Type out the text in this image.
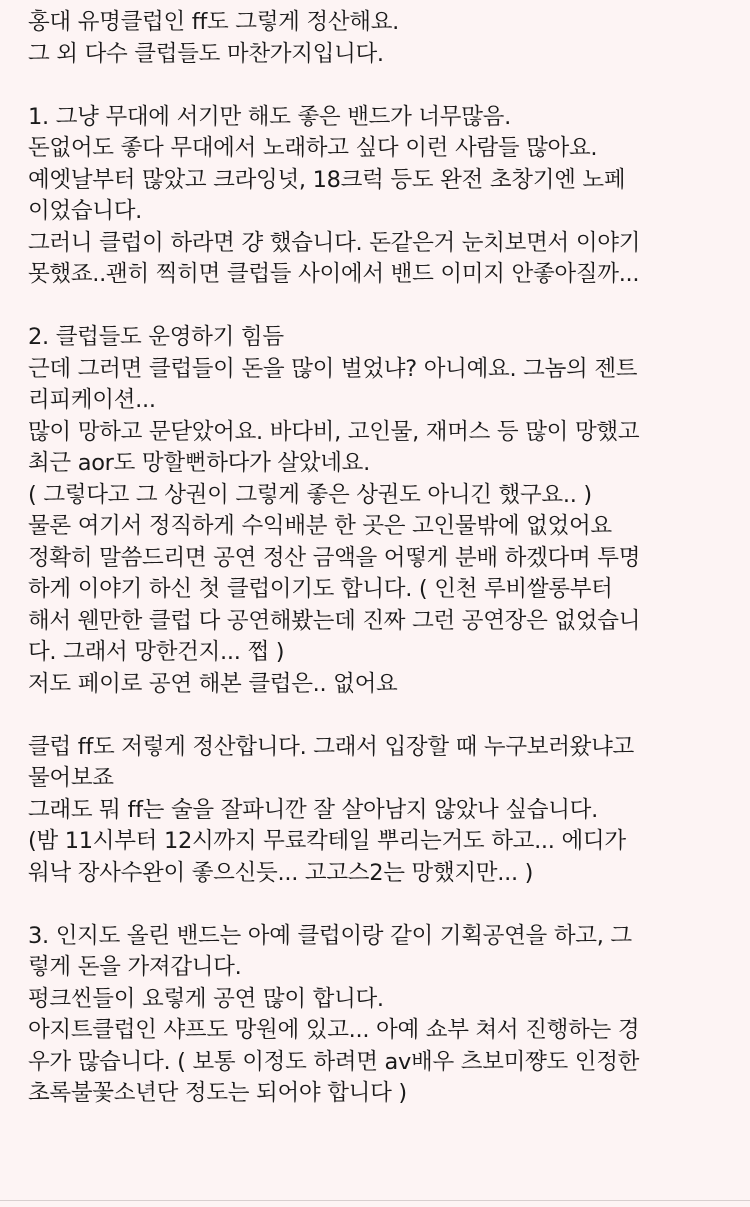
홍대 유명클럽인 ff도 그렇게 정산해요.
그 외 다수 클럽들도 마찬가지입니다.
1. 그냥 무대에 서기만 해도 좋은 밴드가 너무많음.
돈없어도 좋다 무대에서 노래하고 싶다 이런 사람들 많아요.
예엣날부터 많았고 크라잉넛, 18크럭 등도 완전 초창기엔 노페
이었습니다.
그러니 클럽이 하라면 걍 했습니다. 돈같은거 눈치보면서 이야기
못했죠..괜히 찍히면 클럽들 사이에서 밴드 이미지 안좋아질까...
2. 클럽들도 운영하기 힘듬
근데 그러면 클럽들이 돈을 많이 벌었냐? 아니예요. 그놈의 젠트
리피케이션...
많이 망하고 문닫았어요. 바다비, 고인물, 재머스 등 많이 망했고
최근 aor도 망할뻔하다가 살았네요.
( 그렇다고 그 상권이 그렇게 좋은 상권도 아니긴 했구요.. )
물론 여기서 정직하게 수익배분 한 곳은 고인물밖에 없었어요
정확히 말씀드리면 공연 정산 금액을 어떻게 분배 하겠다며 투명
하게 이야기 하신 첫 클럽이기도 합니다. ( 인천 루비쌀롱부터
해서 웬만한 클럽 다 공연해봤는데 진짜 그런 공연장은 없었습니
다. 그래서 망한건지... 쩝 )
저도 페이로 공연 해본 클럽은.. 없어요
클럽 ff도 저렇게 정산합니다. 그래서 입장할 때 누구보러왔냐고
물어보죠
그래도 뭐 ff는 술을 잘파니깐 잘 살아남지 않았나 싶습니다.
(밤 11시부터 12시까지 무료칵테일 뿌리는거도 하고... 에디가
워낙 장사수완이 좋으신듯... 고고스2는 망했지만... )
3. 인지도 올린 밴드는 아예 클럽이랑 같이 기획공연을 하고, 그
렇게 돈을 가져갑니다.
펑크씬들이 요렇게 공연 많이 합니다.
아지트클럽인 샤프도 망원에 있고... 아예 쇼부 쳐서 진행하는 경
우가 많습니다. ( 보통 이정도 하려면 av배우 츠보미쨩도 인정한
초록불꽃소년단 정도는 되어야 합니다 )
